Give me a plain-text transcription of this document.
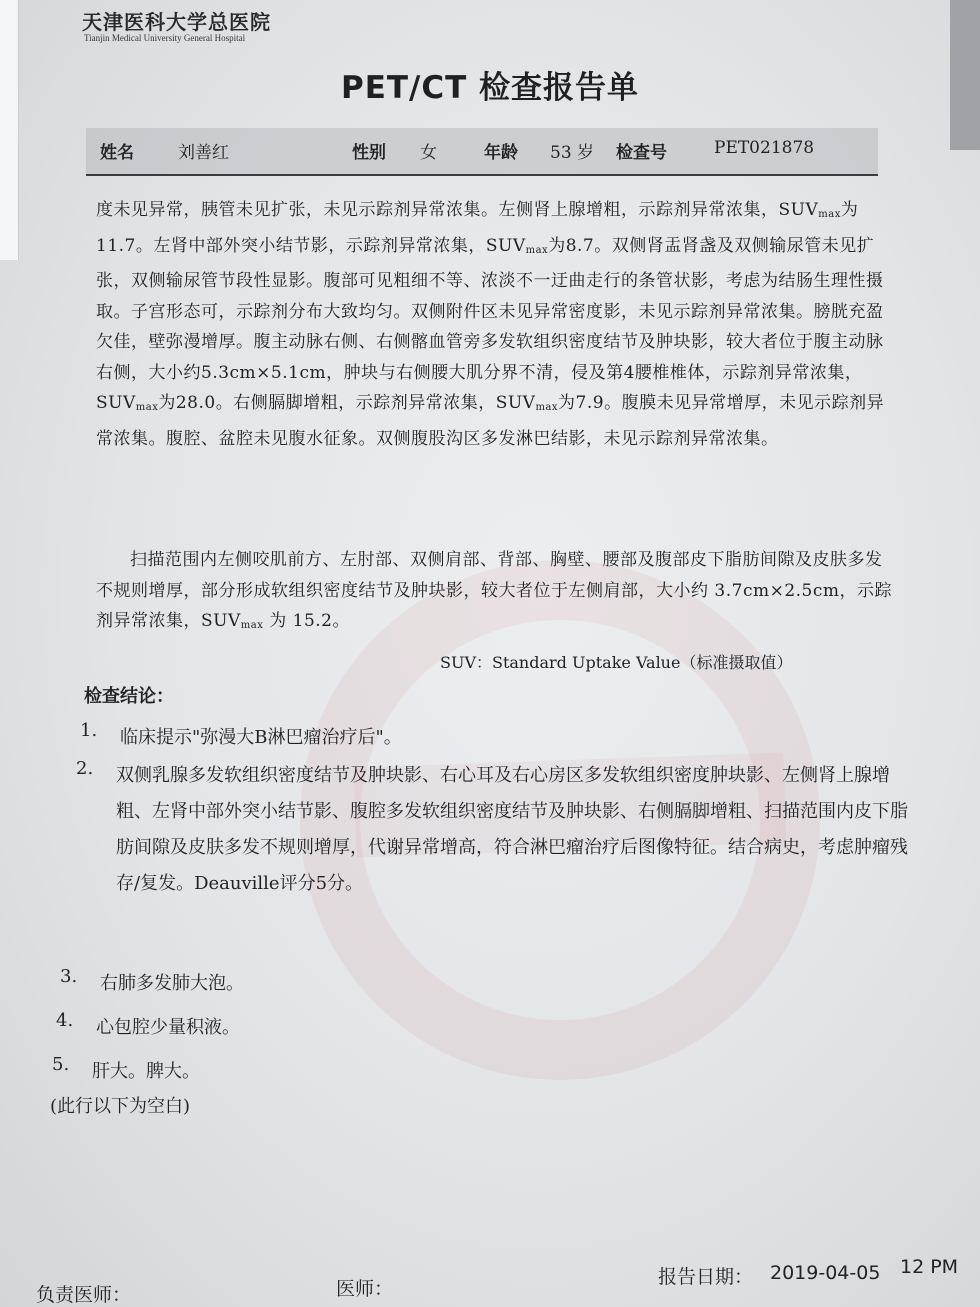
天津医科大学总医院
Tianjin Medical University General Hospital
PET/CT 检查报告单
姓名	刘善红	性别 女	年龄 53 岁 检查号	PET021878

度未见异常，胰管未见扩张，未见示踪剂异常浓集。左侧肾上腺增粗，示踪剂异常浓集，$SUV_{max}$为11.7。左肾中部外突小结节影，示踪剂异常浓集，$SUV_{max}$为8.7。双侧肾盂肾盏及双侧输尿管未见扩张，双侧输尿管节段性显影。腹部可见粗细不等、浓淡不一迂曲走行的条管状影，考虑为结肠生理性摄取。子宫形态可，示踪剂分布大致均匀。双侧附件区未见异常密度影，未见示踪剂异常浓集。膀胱充盈欠佳，壁弥漫增厚。腹主动脉右侧、右侧髂血管旁多发软组织密度结节及肿块影，较大者位于腹主动脉右侧，大小约5.3cm×5.1cm，肿块与右侧腰大肌分界不清，侵及第4腰椎椎体，示踪剂异常浓集，$SUV_{max}$为28.0。右侧膈脚增粗，示踪剂异常浓集，$SUV_{max}$为7.9。腹膜未见异常增厚，未见示踪剂异常浓集。腹腔、盆腔未见腹水征象。双侧腹股沟区多发淋巴结影，未见示踪剂异常浓集。

扫描范围内左侧咬肌前方、左肘部、双侧肩部、背部、胸壁、腰部及腹部皮下脂肪间隙及皮肤多发不规则增厚，部分形成软组织密度结节及肿块影，较大者位于左侧肩部，大小约 3.7cm×2.5cm，示踪剂异常浓集，$SUV_{max}$ 为 15.2。

SUV：Standard Uptake Value（标准摄取值）
检查结论：
1.	临床提示"弥漫大B淋巴瘤治疗后"。
2.	双侧乳腺多发软组织密度结节及肿块影、右心耳及右心房区多发软组织密度肿块影、左侧肾上腺增粗、左肾中部外突小结节影、腹腔多发软组织密度结节及肿块影、右侧膈脚增粗、扫描范围内皮下脂肪间隙及皮肤多发不规则增厚，代谢异常增高，符合淋巴瘤治疗后图像特征。结合病史，考虑肿瘤残存/复发。Deauville评分5分。
3.	右肺多发肺大泡。
4.	心包腔少量积液。
5.	肝大。脾大。
(此行以下为空白)
报告日期： 2019-04-05 12 PM
负责医师：	医师：
